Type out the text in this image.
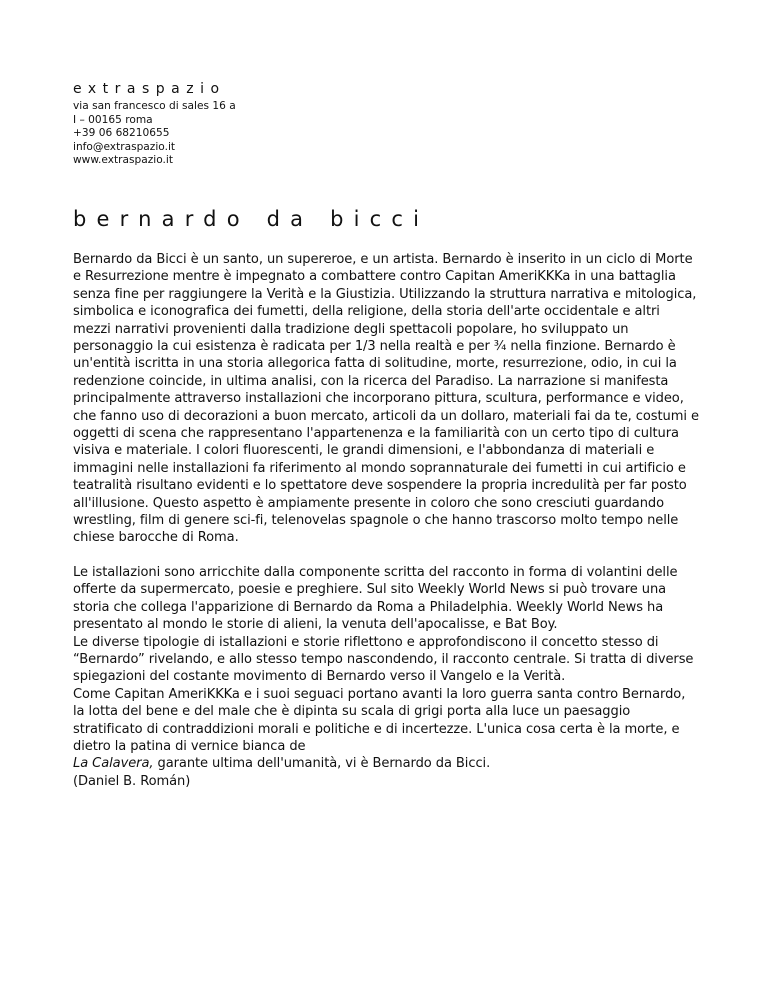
extraspazio
via san francesco di sales 16 a
I – 00165 roma
+39 06 68210655
info@extraspazio.it
www.extraspazio.it
bernardo da bicci
Bernardo da Bicci è un santo, un supereroe, e un artista. Bernardo è inserito in un ciclo di Morte e Resurrezione mentre è impegnato a combattere contro Capitan AmeriKKKa in una battaglia senza fine per raggiungere la Verità e la Giustizia. Utilizzando la struttura narrativa e mitologica, simbolica e iconografica dei fumetti, della religione, della storia dell'arte occidentale e altri mezzi narrativi provenienti dalla tradizione degli spettacoli popolare, ho sviluppato un personaggio la cui esistenza è radicata per 1/3 nella realtà e per ¾ nella finzione. Bernardo è un'entità iscritta in una storia allegorica fatta di solitudine, morte, resurrezione, odio, in cui la redenzione coincide, in ultima analisi, con la ricerca del Paradiso. La narrazione si manifesta principalmente attraverso installazioni che incorporano pittura, scultura, performance e video, che fanno uso di decorazioni a buon mercato, articoli da un dollaro, materiali fai da te, costumi e oggetti di scena che rappresentano l'appartenenza e la familiarità con un certo tipo di cultura visiva e materiale. I colori fluorescenti, le grandi dimensioni, e l'abbondanza di materiali e immagini nelle installazioni fa riferimento al mondo soprannaturale dei fumetti in cui artificio e teatralità risultano evidenti e lo spettatore deve sospendere la propria incredulità per far posto all'illusione. Questo aspetto è ampiamente presente in coloro che sono cresciuti guardando wrestling, film di genere sci-fi, telenovelas spagnole o che hanno trascorso molto tempo nelle chiese barocche di Roma.
Le istallazioni sono arricchite dalla componente scritta del racconto in forma di volantini delle offerte da supermercato, poesie e preghiere. Sul sito Weekly World News si può trovare una storia che collega l'apparizione di Bernardo da Roma a Philadelphia. Weekly World News ha presentato al mondo le storie di alieni, la venuta dell'apocalisse, e Bat Boy.
Le diverse tipologie di istallazioni e storie riflettono e approfondiscono il concetto stesso di “Bernardo” rivelando, e allo stesso tempo nascondendo, il racconto centrale. Si tratta di diverse spiegazioni del costante movimento di Bernardo verso il Vangelo e la Verità.
Come Capitan AmeriKKKa e i suoi seguaci portano avanti la loro guerra santa contro Bernardo, la lotta del bene e del male che è dipinta su scala di grigi porta alla luce un paesaggio stratificato di contraddizioni morali e politiche e di incertezze. L'unica cosa certa è la morte, e dietro la patina di vernice bianca de
La Calavera, garante ultima dell'umanità, vi è Bernardo da Bicci.
(Daniel B. Román)
